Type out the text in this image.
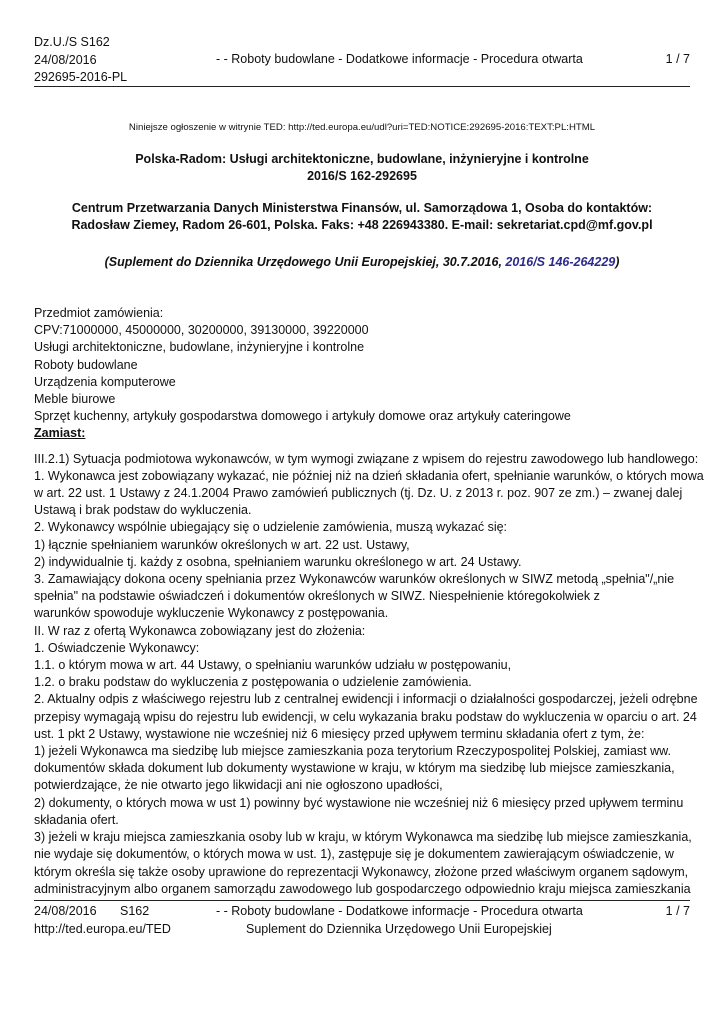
Dz.U./S S162
24/08/2016
292695-2016-PL
- - Roboty budowlane - Dodatkowe informacje - Procedura otwarta	1 / 7
Niniejsze ogłoszenie w witrynie TED: http://ted.europa.eu/udl?uri=TED:NOTICE:292695-2016:TEXT:PL:HTML
Polska-Radom: Usługi architektoniczne, budowlane, inżynieryjne i kontrolne
2016/S 162-292695
Centrum Przetwarzania Danych Ministerstwa Finansów, ul. Samorządowa 1, Osoba do kontaktów:
Radosław Ziemey, Radom 26-601, Polska. Faks: +48 226943380. E-mail: sekretariat.cpd@mf.gov.pl
(Suplement do Dziennika Urzędowego Unii Europejskiej, 30.7.2016, 2016/S 146-264229)
Przedmiot zamówienia:
CPV:71000000, 45000000, 30200000, 39130000, 39220000
Usługi architektoniczne, budowlane, inżynieryjne i kontrolne
Roboty budowlane
Urządzenia komputerowe
Meble biurowe
Sprzęt kuchenny, artykuły gospodarstwa domowego i artykuły domowe oraz artykuły cateringowe
Zamiast:
III.2.1) Sytuacja podmiotowa wykonawców, w tym wymogi związane z wpisem do rejestru zawodowego lub handlowego:
1. Wykonawca jest zobowiązany wykazać, nie później niż na dzień składania ofert, spełnianie warunków, o których mowa
w art. 22 ust. 1 Ustawy z 24.1.2004 Prawo zamówień publicznych (tj. Dz. U. z 2013 r. poz. 907 ze zm.) – zwanej dalej
Ustawą i brak podstaw do wykluczenia.
2. Wykonawcy wspólnie ubiegający się o udzielenie zamówienia, muszą wykazać się:
1) łącznie spełnianiem warunków określonych w art. 22 ust. Ustawy,
2) indywidualnie tj. każdy z osobna, spełnianiem warunku określonego w art. 24 Ustawy.
3. Zamawiający dokona oceny spełniania przez Wykonawców warunków określonych w SIWZ metodą „spełnia"/„nie
spełnia" na podstawie oświadczeń i dokumentów określonych w SIWZ. Niespełnienie któregokolwiek z
warunków spowoduje wykluczenie Wykonawcy z postępowania.
II. W raz z ofertą Wykonawca zobowiązany jest do złożenia:
1. Oświadczenie Wykonawcy:
1.1. o którym mowa w art. 44 Ustawy, o spełnianiu warunków udziału w postępowaniu,
1.2. o braku podstaw do wykluczenia z postępowania o udzielenie zamówienia.
2. Aktualny odpis z właściwego rejestru lub z centralnej ewidencji i informacji o działalności gospodarczej, jeżeli odrębne
przepisy wymagają wpisu do rejestru lub ewidencji, w celu wykazania braku podstaw do wykluczenia w oparciu o art. 24
ust. 1 pkt 2 Ustawy, wystawione nie wcześniej niż 6 miesięcy przed upływem terminu składania ofert z tym, że:
1) jeżeli Wykonawca ma siedzibę lub miejsce zamieszkania poza terytorium Rzeczypospolitej Polskiej, zamiast ww.
dokumentów składa dokument lub dokumenty wystawione w kraju, w którym ma siedzibę lub miejsce zamieszkania,
potwierdzające, że nie otwarto jego likwidacji ani nie ogłoszono upadłości,
2) dokumenty, o których mowa w ust 1) powinny być wystawione nie wcześniej niż 6 miesięcy przed upływem terminu
składania ofert.
3) jeżeli w kraju miejsca zamieszkania osoby lub w kraju, w którym Wykonawca ma siedzibę lub miejsce zamieszkania,
nie wydaje się dokumentów, o których mowa w ust. 1), zastępuje się je dokumentem zawierającym oświadczenie, w
którym określa się także osoby uprawione do reprezentacji Wykonawcy, złożone przed właściwym organem sądowym,
administracyjnym albo organem samorządu zawodowego lub gospodarczego odpowiednio kraju miejsca zamieszkania
24/08/2016 S162
http://ted.europa.eu/TED
- - Roboty budowlane - Dodatkowe informacje - Procedura otwarta
Suplement do Dziennika Urzędowego Unii Europejskiej
1 / 7
